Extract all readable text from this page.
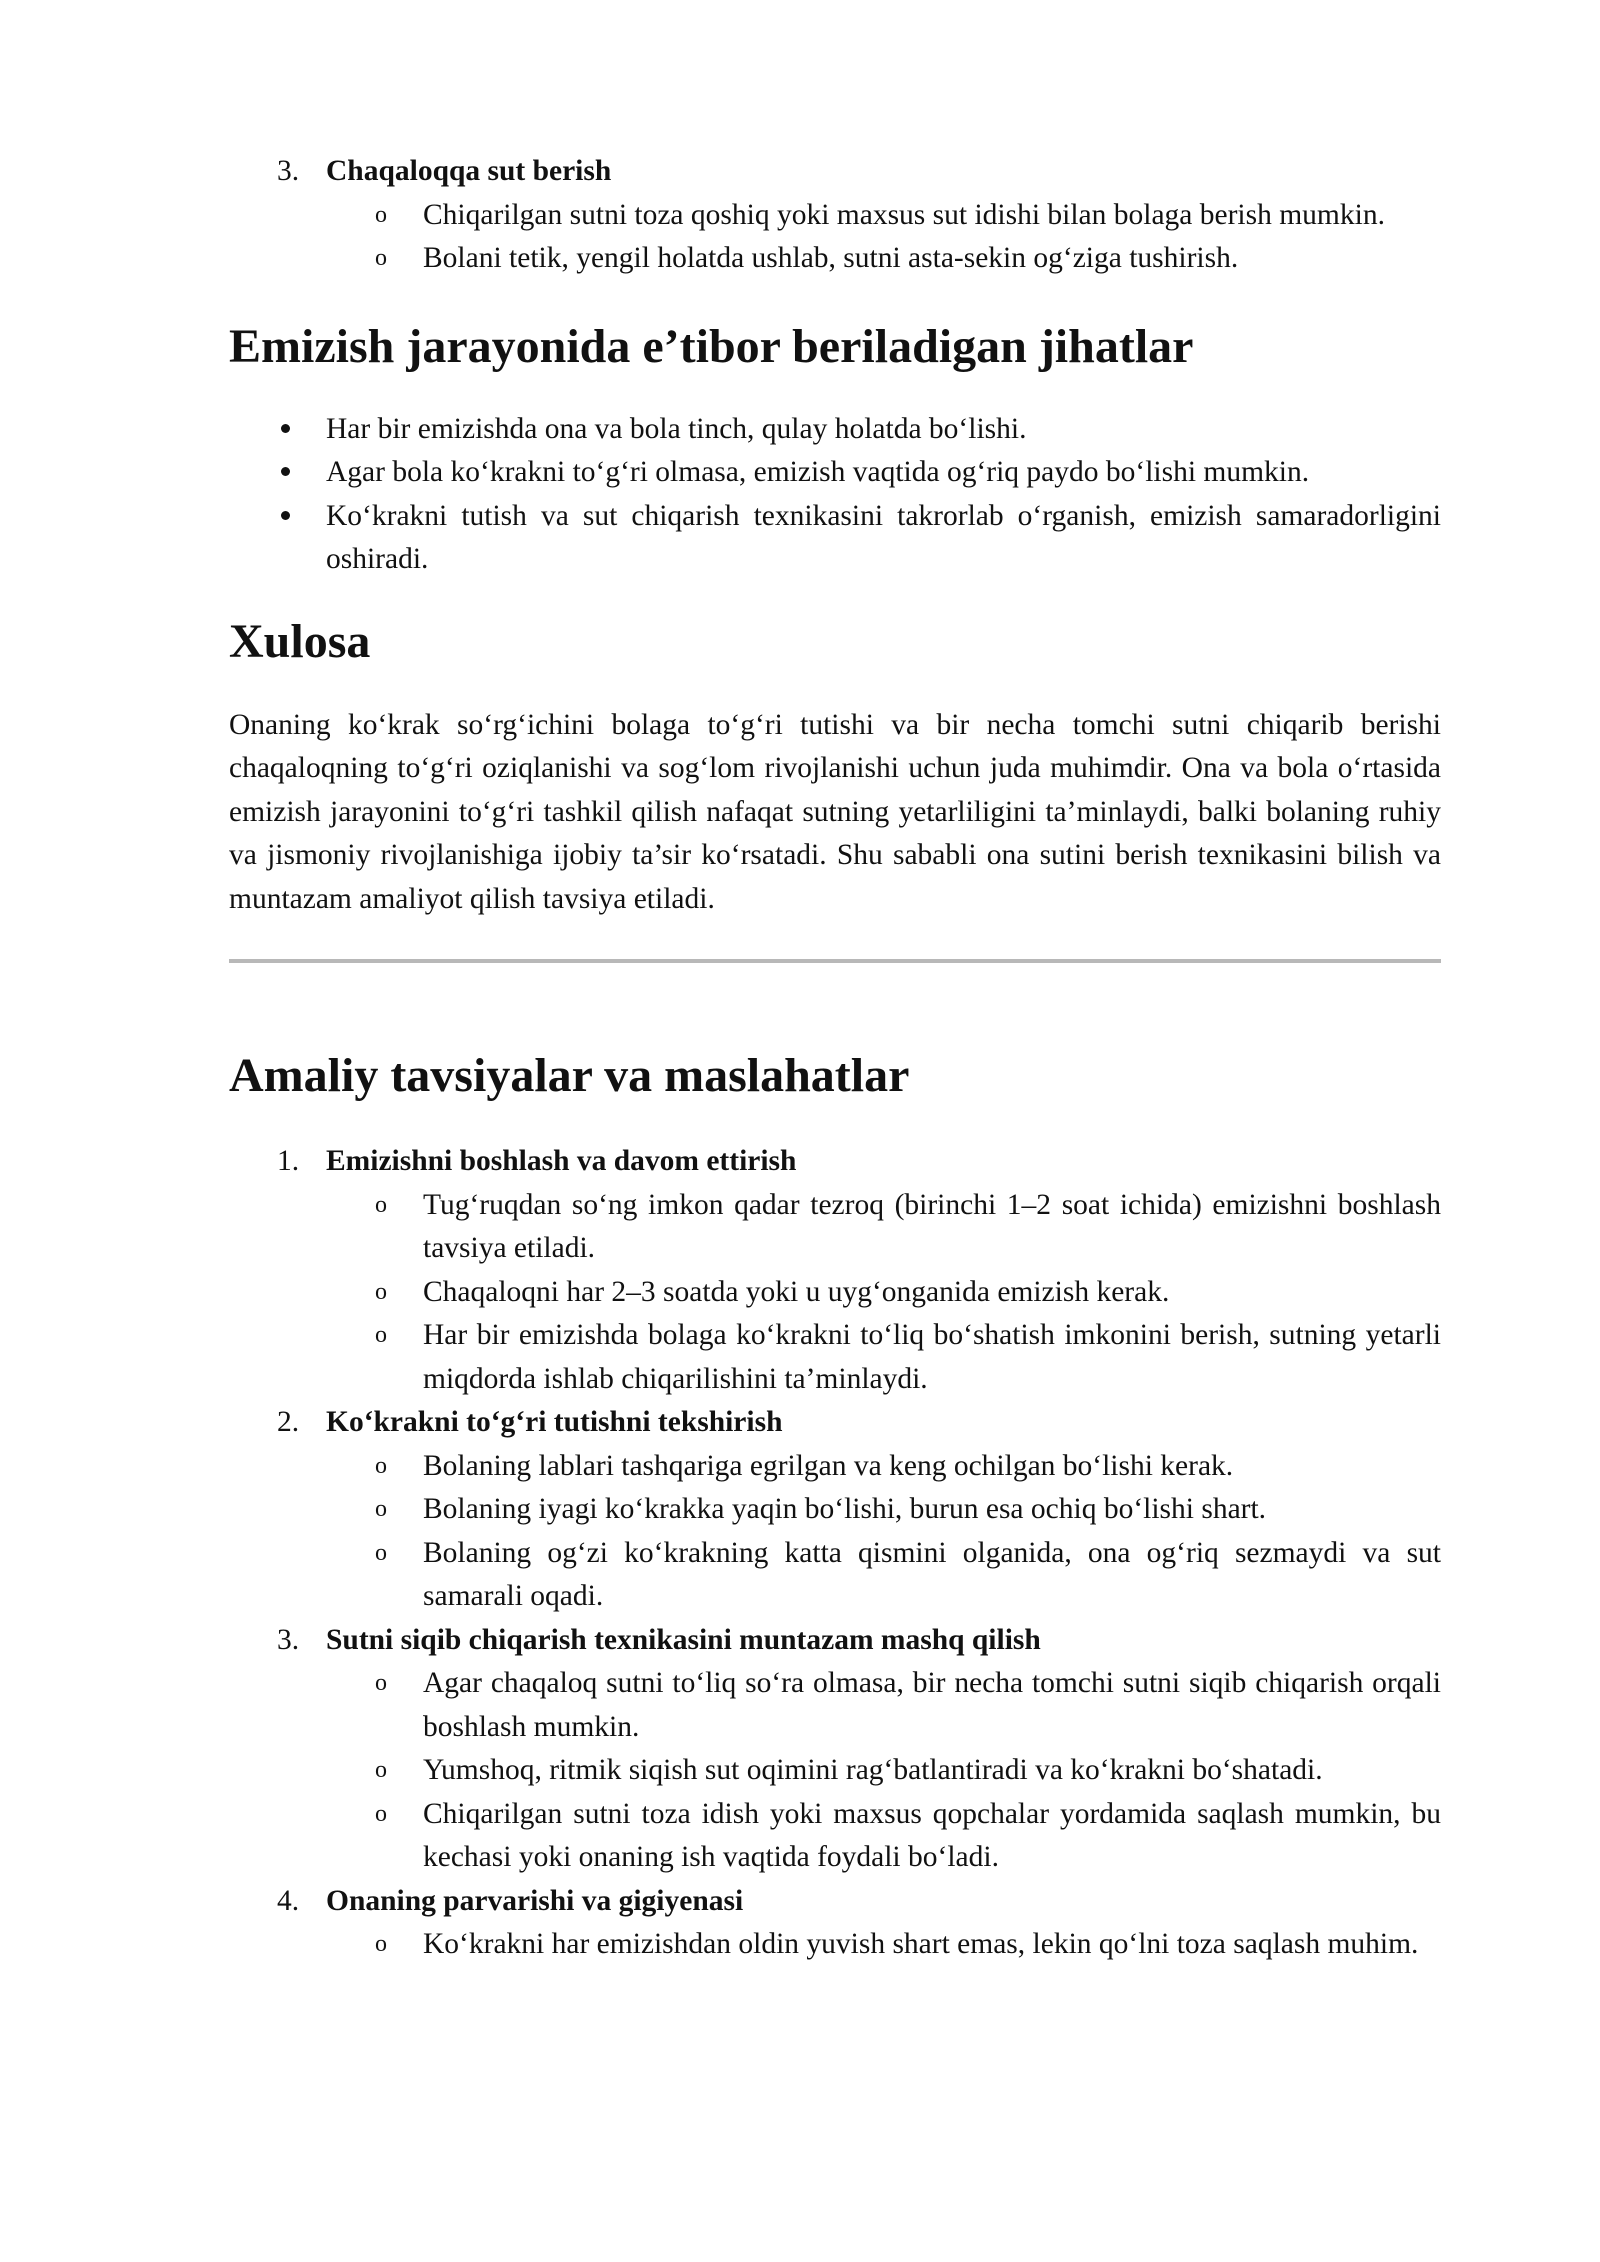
3. Chaqaloqqa sut berish
o Chiqarilgan sutni toza qoshiq yoki maxsus sut idishi bilan bolaga berish mumkin.
o Bolani tetik, yengil holatda ushlab, sutni asta-sekin og‘ziga tushirish.
Emizish jarayonida e’tibor beriladigan jihatlar
Har bir emizishda ona va bola tinch, qulay holatda bo‘lishi.
Agar bola ko‘krakni to‘g‘ri olmasa, emizish vaqtida og‘riq paydo bo‘lishi mumkin.
Ko‘krakni tutish va sut chiqarish texnikasini takrorlab o‘rganish, emizish samaradorligini oshiradi.
Xulosa

Onaning ko‘krak so‘rg‘ichini bolaga to‘g‘ri tutishi va bir necha tomchi sutni chiqarib berishi chaqaloqning to‘g‘ri oziqlanishi va sog‘lom rivojlanishi uchun juda muhimdir. Ona va bola o‘rtasida emizish jarayonini to‘g‘ri tashkil qilish nafaqat sutning yetarliligini ta’minlaydi, balki bolaning ruhiy va jismoniy rivojlanishiga ijobiy ta’sir ko‘rsatadi. Shu sababli ona sutini berish texnikasini bilish va muntazam amaliyot qilish tavsiya etiladi.

Amaliy tavsiyalar va maslahatlar
1. Emizishni boshlash va davom ettirish
o Tug‘ruqdan so‘ng imkon qadar tezroq (birinchi 1–2 soat ichida) emizishni boshlash tavsiya etiladi.
o Chaqaloqni har 2–3 soatda yoki u uyg‘onganida emizish kerak.
o Har bir emizishda bolaga ko‘krakni to‘liq bo‘shatish imkonini berish, sutning yetarli miqdorda ishlab chiqarilishini ta’minlaydi.
2. Ko‘krakni to‘g‘ri tutishni tekshirish
o Bolaning lablari tashqariga egrilgan va keng ochilgan bo‘lishi kerak.
o Bolaning iyagi ko‘krakka yaqin bo‘lishi, burun esa ochiq bo‘lishi shart.
o Bolaning og‘zi ko‘krakning katta qismini olganida, ona og‘riq sezmaydi va sut samarali oqadi.
3. Sutni siqib chiqarish texnikasini muntazam mashq qilish
o Agar chaqaloq sutni to‘liq so‘ra olmasa, bir necha tomchi sutni siqib chiqarish orqali boshlash mumkin.
o Yumshoq, ritmik siqish sut oqimini rag‘batlantiradi va ko‘krakni bo‘shatadi.
o Chiqarilgan sutni toza idish yoki maxsus qopchalar yordamida saqlash mumkin, bu kechasi yoki onaning ish vaqtida foydali bo‘ladi.
4. Onaning parvarishi va gigiyenasi
o Ko‘krakni har emizishdan oldin yuvish shart emas, lekin qo‘lni toza saqlash muhim.
